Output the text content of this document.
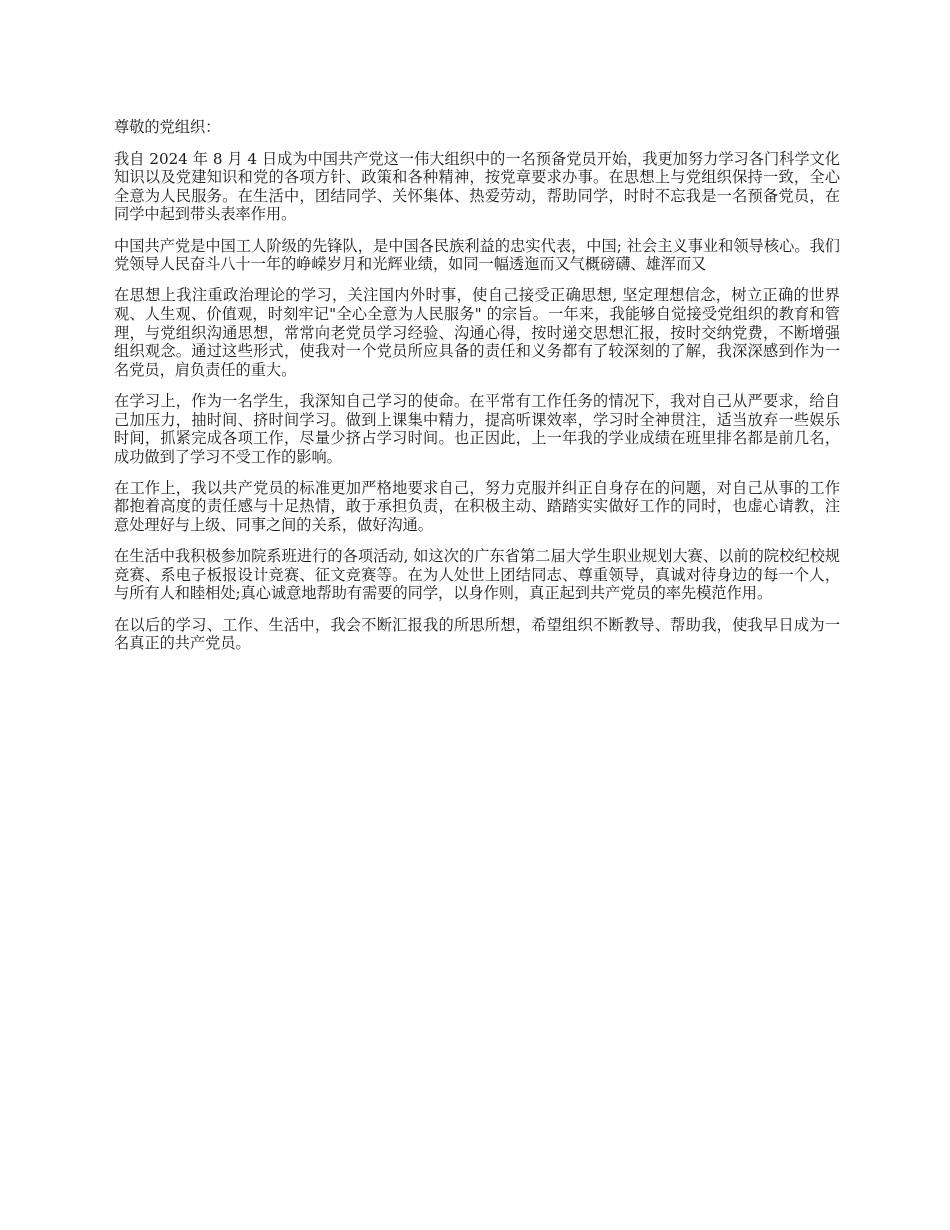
尊敬的党组织：

我自 2024 年 8 月 4 日成为中国共产党这一伟大组织中的一名预备党员开始，我更加努力学习各门科学文化知识以及党建知识和党的各项方针、政策和各种精神，按党章要求办事。在思想上与党组织保持一致，全心全意为人民服务。在生活中，团结同学、关怀集体、热爱劳动，帮助同学，时时不忘我是一名预备党员，在同学中起到带头表率作用。

中国共产党是中国工人阶级的先锋队，是中国各民族利益的忠实代表，中国; 社会主义事业和领导核心。我们党领导人民奋斗八十一年的峥嵘岁月和光辉业绩，如同一幅透迤而又气概磅礴、雄浑而又

在思想上我注重政治理论的学习，关注国内外时事，使自己接受正确思想, 坚定理想信念，树立正确的世界观、人生观、价值观，时刻牢记"全心全意为人民服务" 的宗旨。一年来，我能够自觉接受党组织的教育和管理，与党组织沟通思想，常常向老党员学习经验、沟通心得，按时递交思想汇报，按时交纳党费，不断增强组织观念。通过这些形式，使我对一个党员所应具备的责任和义务都有了较深刻的了解，我深深感到作为一名党员，肩负责任的重大。

在学习上，作为一名学生，我深知自己学习的使命。在平常有工作任务的情况下，我对自己从严要求，给自己加压力，抽时间、挤时间学习。做到上课集中精力，提高听课效率，学习时全神贯注，适当放弃一些娱乐时间，抓紧完成各项工作，尽量少挤占学习时间。也正因此，上一年我的学业成绩在班里排名都是前几名，成功做到了学习不受工作的影响。

在工作上，我以共产党员的标准更加严格地要求自己，努力克服并纠正自身存在的问题，对自己从事的工作都抱着高度的责任感与十足热情，敢于承担负责，在积极主动、踏踏实实做好工作的同时，也虚心请教，注意处理好与上级、同事之间的关系，做好沟通。

在生活中我积极参加院系班进行的各项活动, 如这次的广东省第二届大学生职业规划大赛、以前的院校纪校规竞赛、系电子板报设计竞赛、征文竞赛等。在为人处世上团结同志、尊重领导，真诚对待身边的每一个人，与所有人和睦相处;真心诚意地帮助有需要的同学，以身作则，真正起到共产党员的率先模范作用。

在以后的学习、工作、生活中，我会不断汇报我的所思所想，希望组织不断教导、帮助我，使我早日成为一名真正的共产党员。
